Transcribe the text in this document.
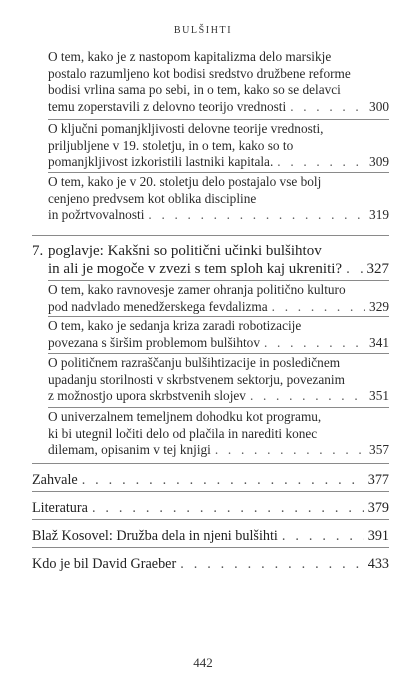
BULŠIHTI
O tem, kako je z nastopom kapitalizma delo marsikje
postalo razumljeno kot bodisi sredstvo družbene reforme
bodisi vrlina sama po sebi, in o tem, kako so se delavci
temu zoperstavili z delovno teorijo vrednosti . . .	300
O ključni pomanjkljivosti delovne teorije vrednosti,
priljubljene v 19. stoletju, in o tem, kako so to
pomanjkljivost izkoristili lastniki kapitala. . . .	309
O tem, kako je v 20. stoletju delo postajalo vse bolj
cenjeno predvsem kot oblika discipline
in požrtvovalnosti . . .	319
7. poglavje: Kakšni so politični učinki bulšihtov
in ali je mogoče v zvezi s tem sploh kaj ukreniti? . . . 327
O tem, kako ravnovesje zamer ohranja politično kulturo
pod nadvlado menedžerskega fevdalizma . . .	329
O tem, kako je sedanja kriza zaradi robotizacije
povezana s širšim problemom bulšihtov . . .	341
O političnem razraščanju bulšihtizacije in posledičnem
upadanju storilnosti v skrbstvenem sektorju, povezanim
z možnostjo upora skrbstvenih slojev . . .	351
O univerzalnem temeljnem dohodku kot programu,
ki bi utegnil ločiti delo od plačila in narediti konec
dilemam, opisanim v tej knjigi . . .	357
Zahvale . . .	377
Literatura . . .	379
Blaž Kosovel: Družba dela in njeni bulšihti . . .	391
Kdo je bil David Graeber . . .	433
442
